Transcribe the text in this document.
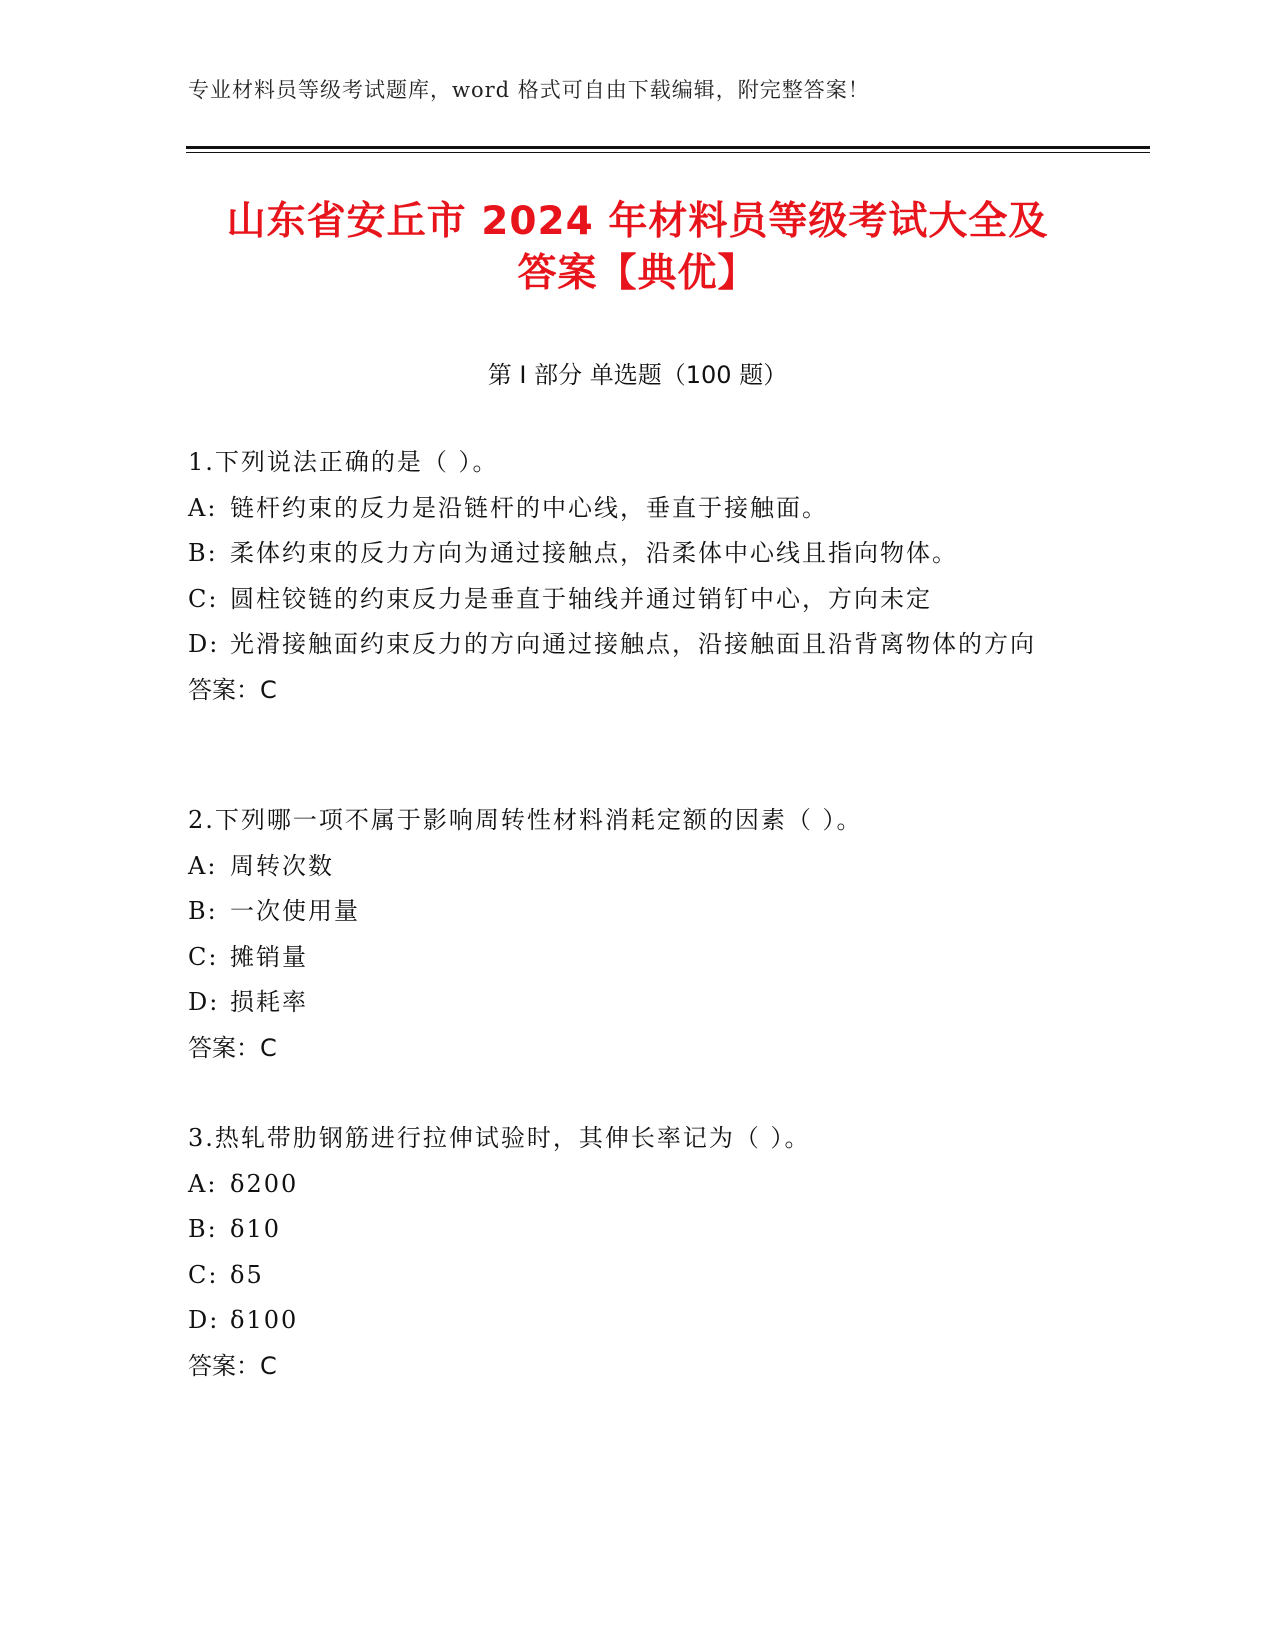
专业材料员等级考试题库，word 格式可自由下载编辑，附完整答案！
山东省安丘市 2024 年材料员等级考试大全及
答案【典优】
第 I 部分 单选题（100 题）
1.下列说法正确的是（ ）。
A: 链杆约束的反力是沿链杆的中心线，垂直于接触面。
B: 柔体约束的反力方向为通过接触点，沿柔体中心线且指向物体。
C: 圆柱铰链的约束反力是垂直于轴线并通过销钉中心，方向未定
D: 光滑接触面约束反力的方向通过接触点，沿接触面且沿背离物体的方向
答案：C
2.下列哪一项不属于影响周转性材料消耗定额的因素（ ）。
A: 周转次数
B: 一次使用量
C: 摊销量
D: 损耗率
答案：C
3.热轧带肋钢筋进行拉伸试验时，其伸长率记为（ ）。
A: δ200
B: δ10
C: δ5
D: δ100
答案：C
